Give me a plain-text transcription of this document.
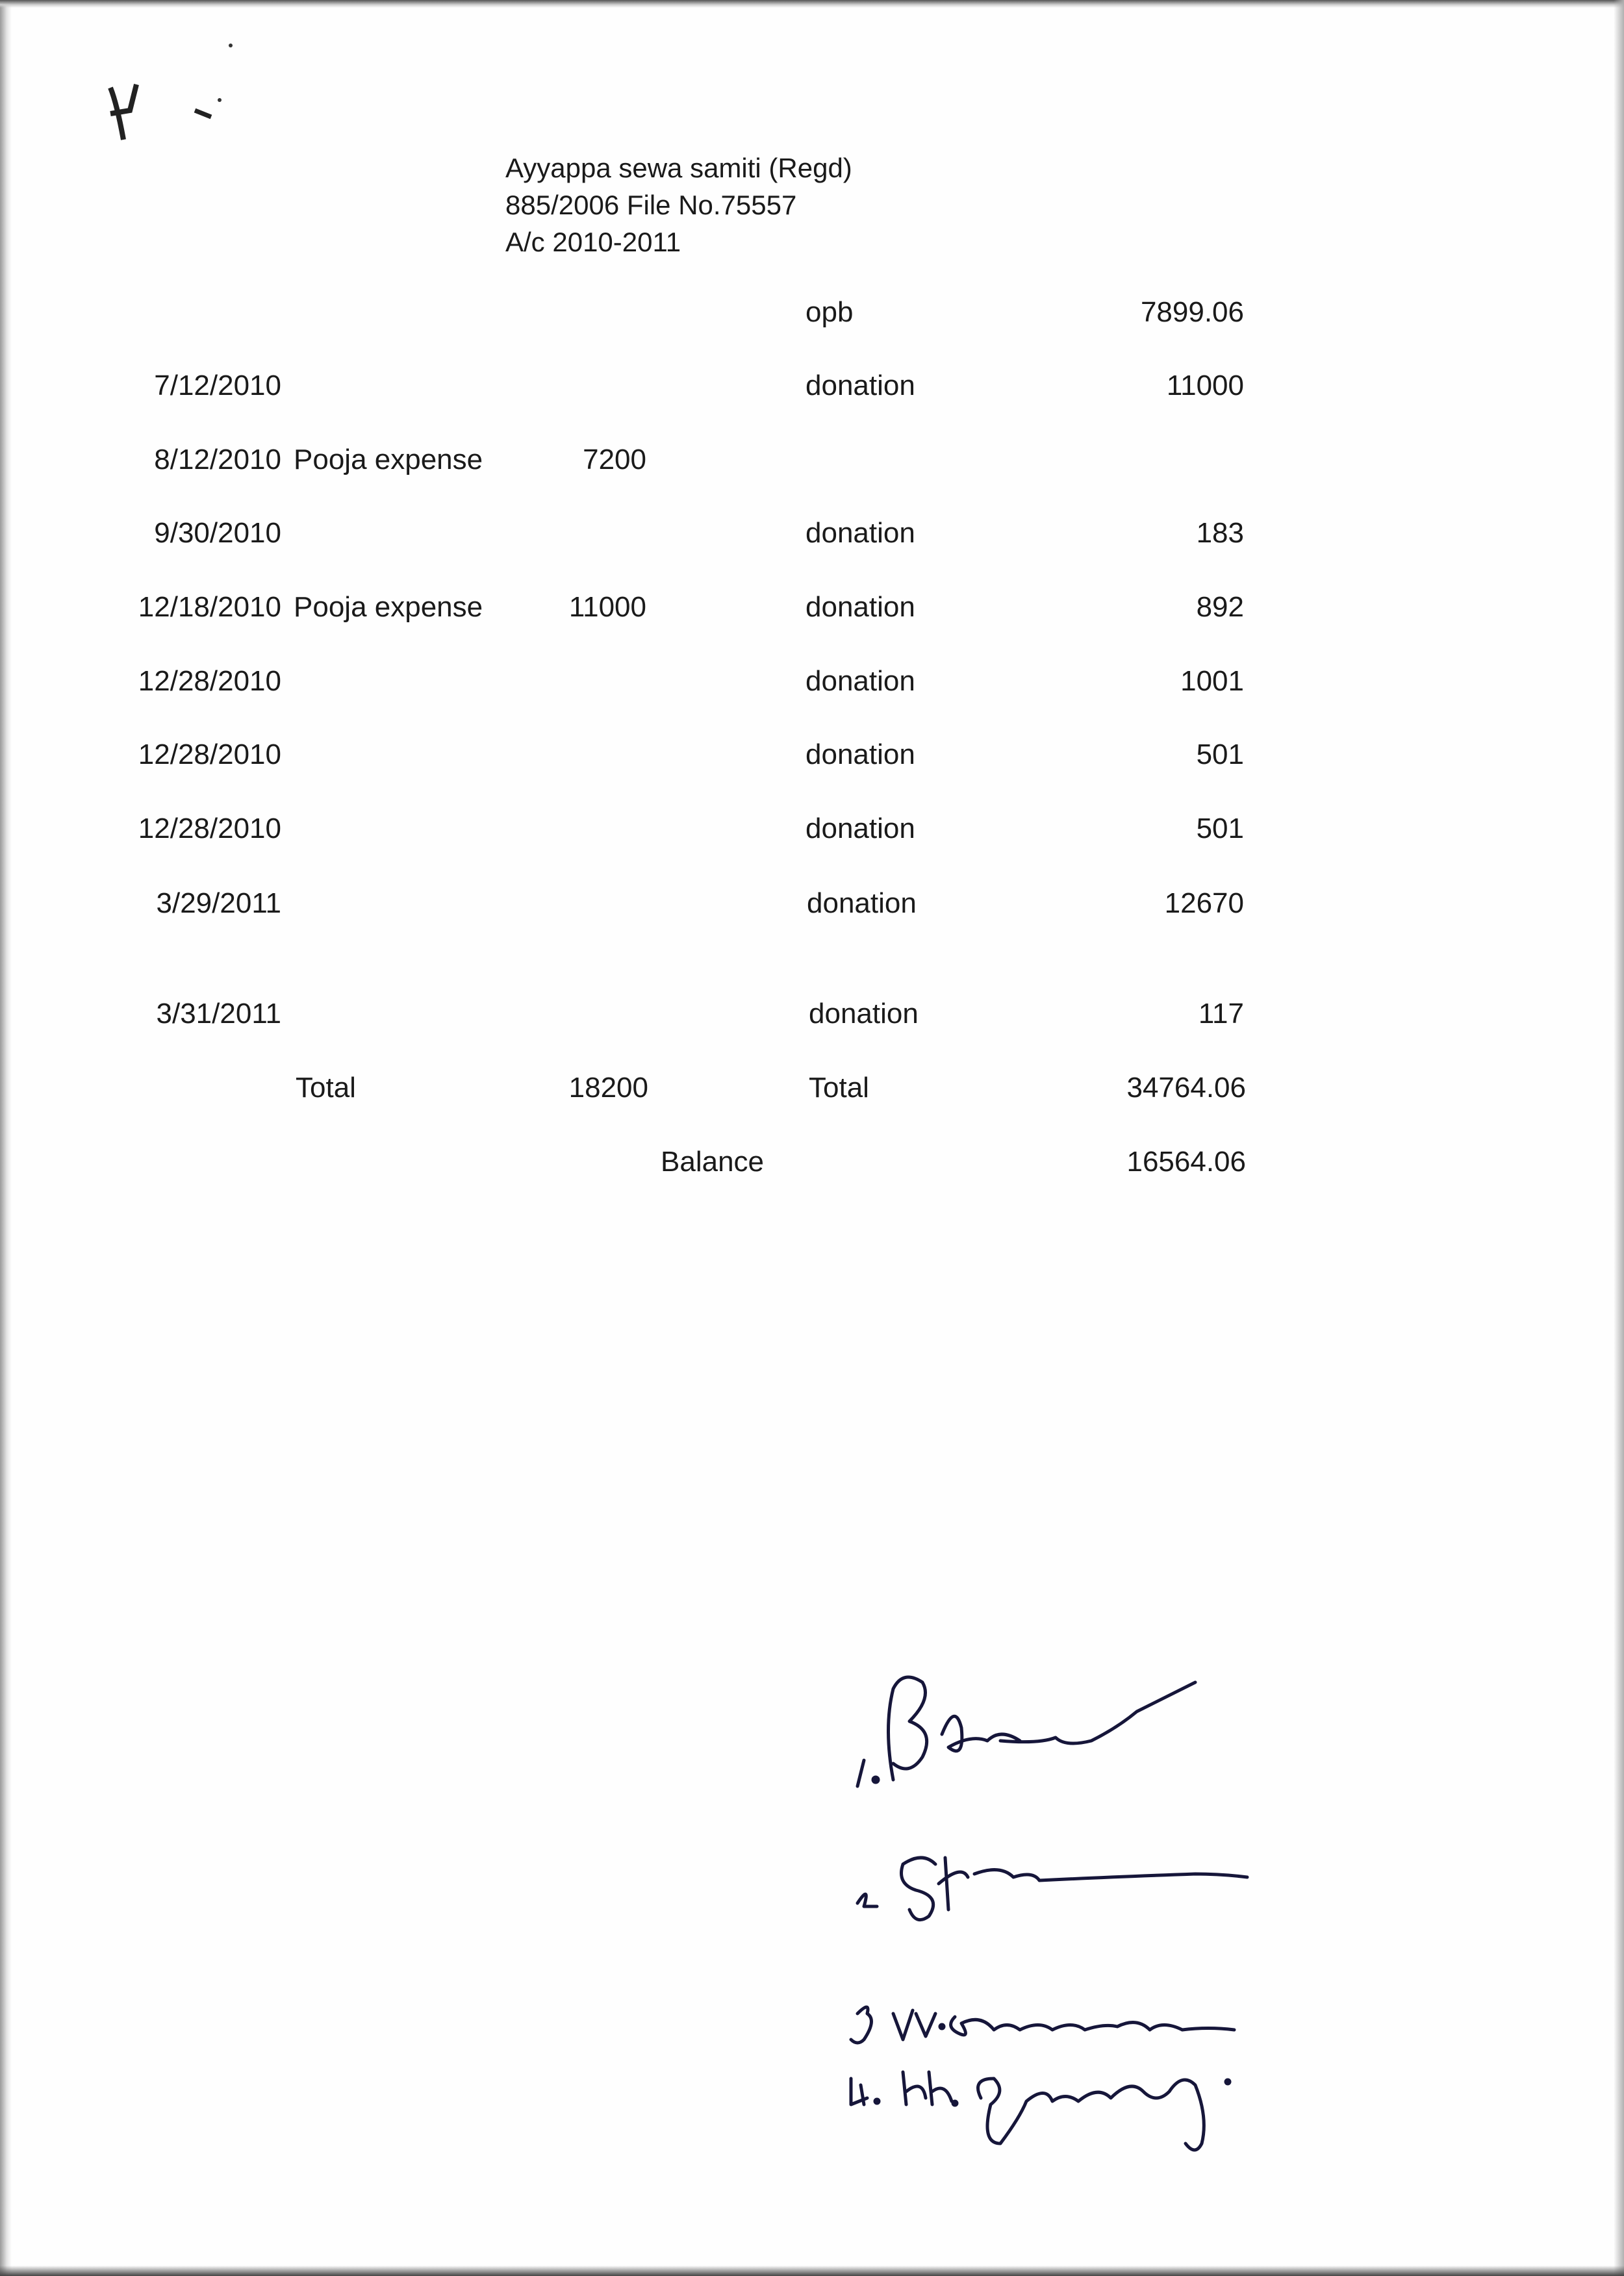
Ayyappa sewa samiti (Regd)
885/2006 File No.75557
A/c 2010-2011
opb	7899.06
7/12/2010	donation	11000
8/12/2010 Pooja expense	7200
9/30/2010	donation	183
12/18/2010 Pooja expense	11000	donation	892
12/28/2010	donation	1001
12/28/2010	donation	501
12/28/2010	donation	501
3/29/2011	donation	12670
3/31/2011	donation	117
Total	18200	Total	34764.06
Balance	16564.06
